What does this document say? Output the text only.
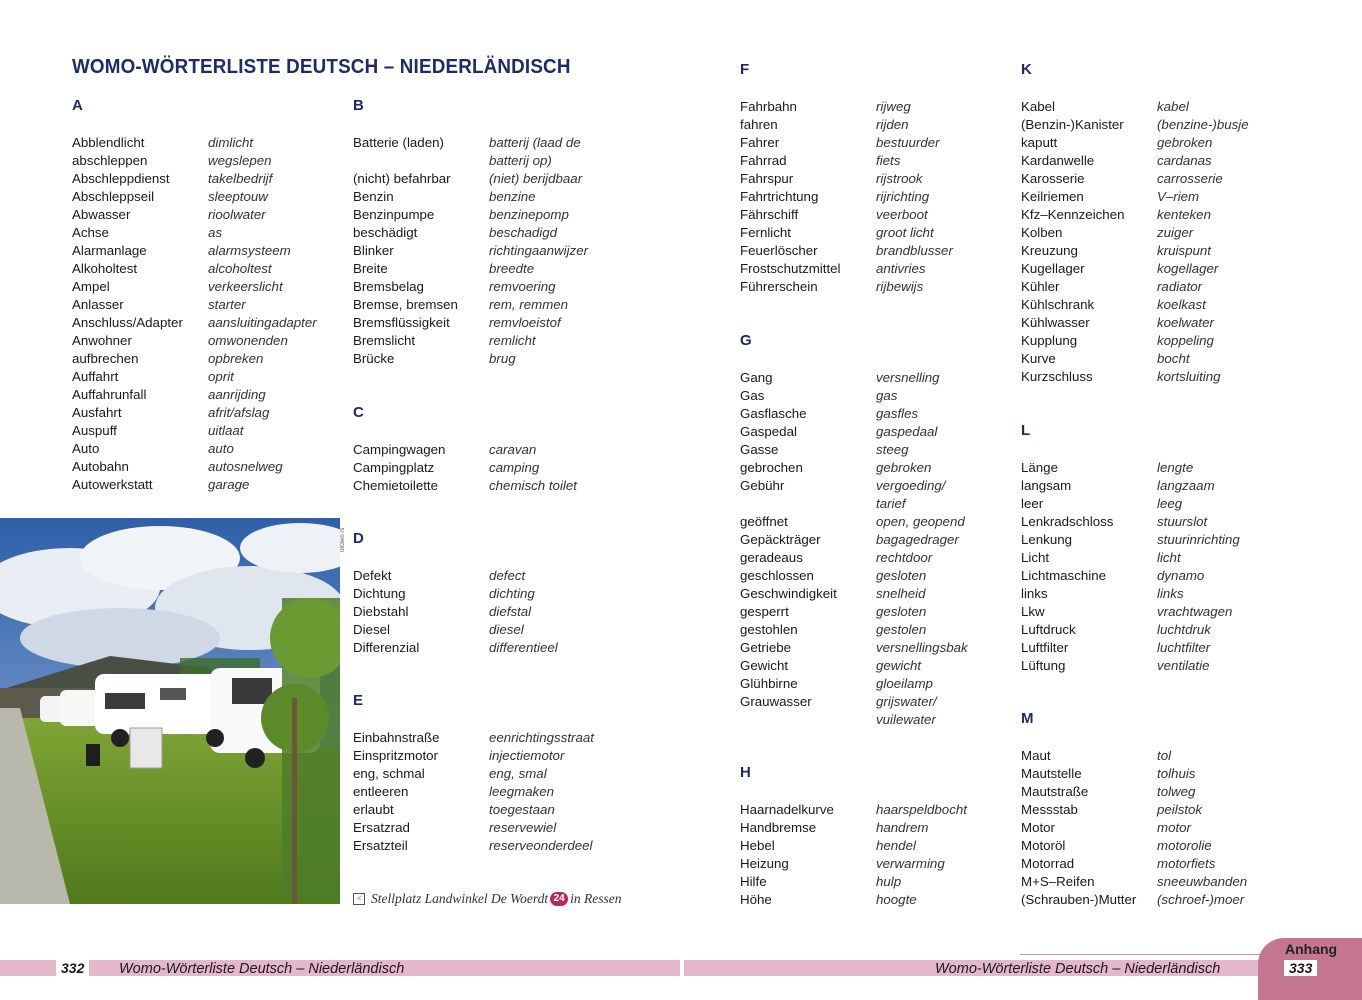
WOMO-WÖRTERLISTE DEUTSCH – NIEDERLÄNDISCH
A
Abblendlicht	dimlicht
abschleppen	wegslepen
Abschleppdienst	takelbedrijf
Abschleppseil	sleeptouw
Abwasser	rioolwater
Achse	as
Alarmanlage	alarmsysteem
Alkoholtest	alcoholtest
Ampel	verkeerslicht
Anlasser	starter
Anschluss/Adapter	aansluitingadapter
Anwohner	omwonenden
aufbrechen	opbreken
Auffahrt	oprit
Auffahrunfall	aanrijding
Ausfahrt	afrit/afslag
Auspuff	uitlaat
Auto	auto
Autobahn	autosnelweg
Autowerkstatt	garage
B
Batterie (laden)	batterij (laad de
batterij op)
(nicht) befahrbar	(niet) berijdbaar
Benzin	benzine
Benzinpumpe	benzinepomp
beschädigt	beschadigd
Blinker	richtingaanwijzer
Breite	breedte
Bremsbelag	remvoering
Bremse, bremsen	rem, remmen
Bremsflüssigkeit	remvloeistof
Bremslicht	remlicht
Brücke	brug
C
Campingwagen	caravan
Campingplatz	camping
Chemietoilette	chemisch toilet
D
Defekt	defect
Dichtung	dichting
Diebstahl	diefstal
Diesel	diesel
Differenzial	differentieel
E
Einbahnstraße	eenrichtingsstraat
Einspritzmotor	injectiemotor
eng, schmal	eng, smal
entleeren	leegmaken
erlaubt	toegestaan
Ersatzrad	reservewiel
Ersatzteil	reserveonderdeel
F
Fahrbahn	rijweg
fahren	rijden
Fahrer	bestuurder
Fahrrad	fiets
Fahrspur	rijstrook
Fahrtrichtung	rijrichting
Fährschiff	veerboot
Fernlicht	groot licht
Feuerlöscher	brandblusser
Frostschutzmittel	antivries
Führerschein	rijbewijs
G
Gang	versnelling
Gas	gas
Gasflasche	gasfles
Gaspedal	gaspedaal
Gasse	steeg
gebrochen	gebroken
Gebühr	vergoeding/
tarief
geöffnet	open, geopend
Gepäckträger	bagagedrager
geradeaus	rechtdoor
geschlossen	gesloten
Geschwindigkeit	snelheid
gesperrt	gesloten
gestohlen	gestolen
Getriebe	versnellingsbak
Gewicht	gewicht
Glühbirne	gloeilamp
Grauwasser	grijswater/
vuilewater
H
Haarnadelkurve	haarspeldbocht
Handbremse	handrem
Hebel	hendel
Heizung	verwarming
Hilfe	hulp
Höhe	hoogte
K
Kabel	kabel
(Benzin-)Kanister	(benzine-)busje
kaputt	gebroken
Kardanwelle	cardanas
Karosserie	carrosserie
Keilriemen	V–riem
Kfz–Kennzeichen	kenteken
Kolben	zuiger
Kreuzung	kruispunt
Kugellager	kogellager
Kühler	radiator
Kühlschrank	koelkast
Kühlwasser	koelwater
Kupplung	koppeling
Kurve	bocht
Kurzschluss	kortsluiting
L
Länge	lengte
langsam	langzaam
leer	leeg
Lenkradschloss	stuurslot
Lenkung	stuurinrichting
Licht	licht
Lichtmaschine	dynamo
links	links
Lkw	vrachtwagen
Luftdruck	luchtdruk
Luftfilter	luchtfilter
Lüftung	ventilatie
M
Maut	tol
Mautstelle	tolhuis
Mautstraße	tolweg
Messstab	peilstok
Motor	motor
Motoröl	motorolie
Motorrad	motorfiets
M+S–Reifen	sneeuwbanden
(Schrauben-)Mutter	(schroef-)moer
083wo rs
< Stellplatz Landwinkel De Woerdt 24 in Ressen
332	Womo-Wörterliste Deutsch – Niederländisch	Womo-Wörterliste Deutsch – Niederländisch
Anhang
333
